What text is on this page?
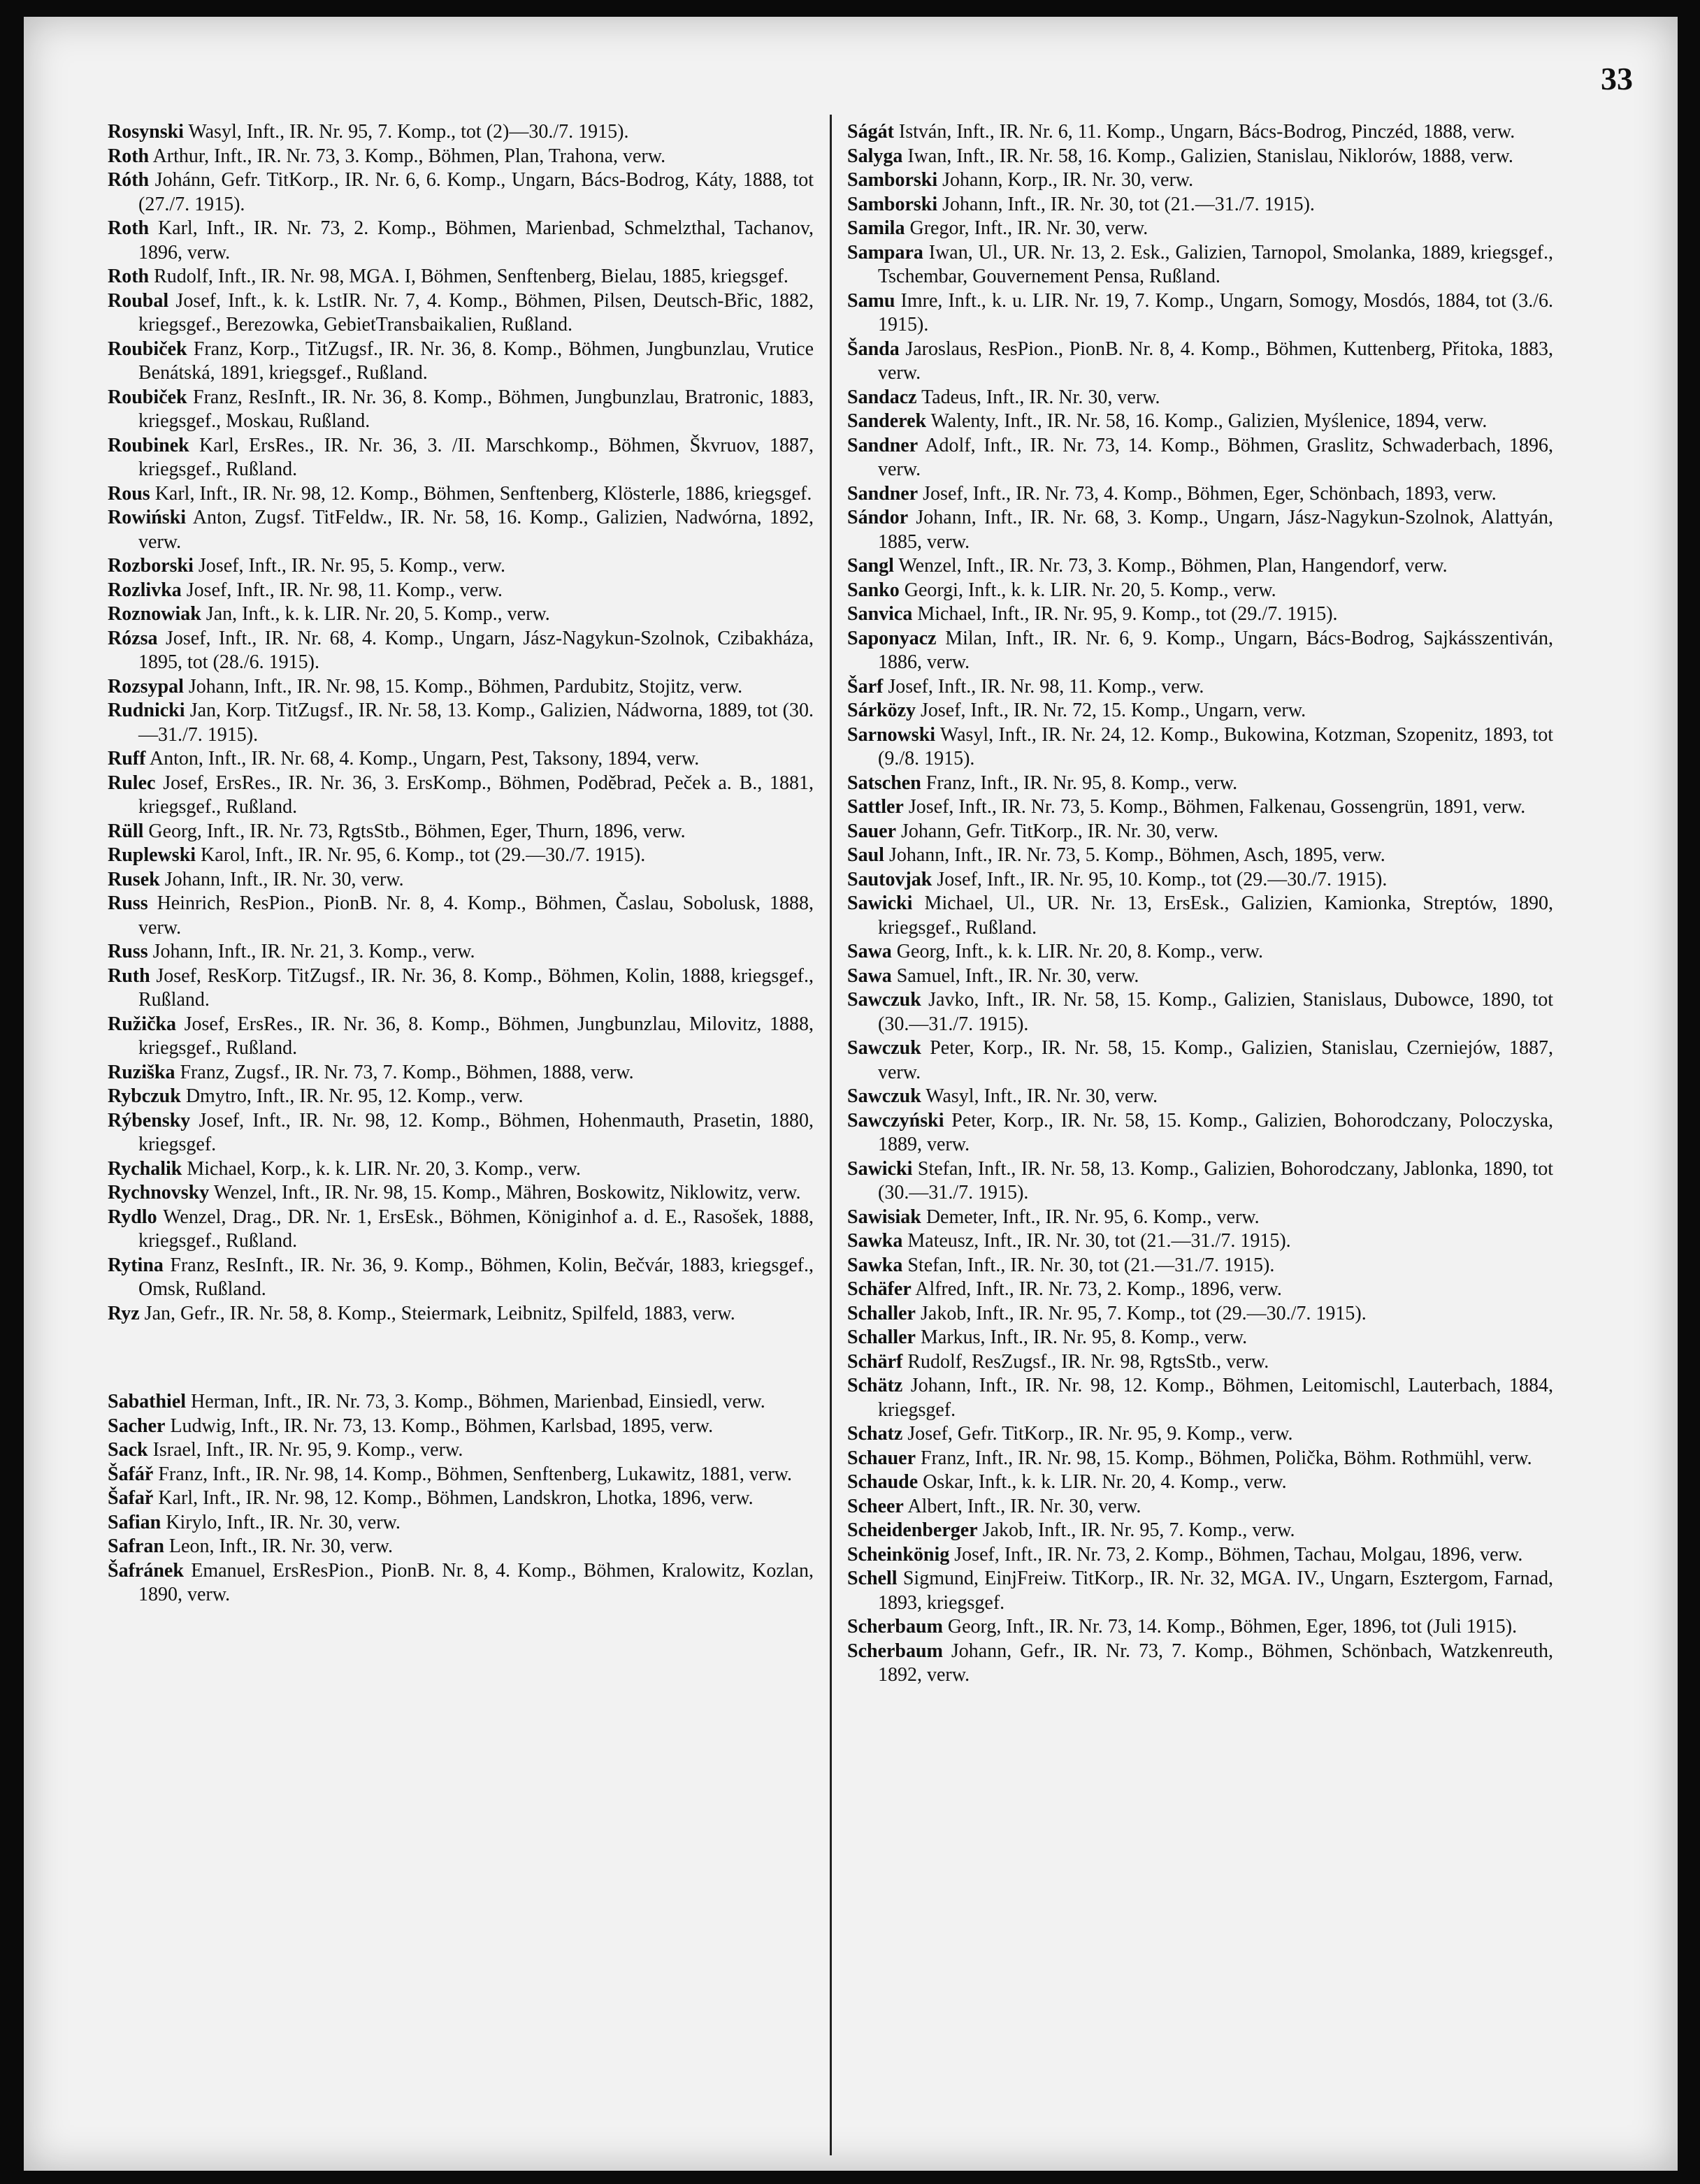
33

Rosynski Wasyl, Inft., IR. Nr. 95, 7. Komp., tot (2)—30./7. 1915).

Roth Arthur, Inft., IR. Nr. 73, 3. Komp., Böhmen, Plan, Trahona, verw.

Róth Johánn, Gefr. TitKorp., IR. Nr. 6, 6. Komp., Ungarn, Bács-Bodrog, Káty, 1888, tot (27./7. 1915).

Roth Karl, Inft., IR. Nr. 73, 2. Komp., Böhmen, Marienbad, Schmelzthal, Tachanov, 1896, verw.

Roth Rudolf, Inft., IR. Nr. 98, MGA. I, Böhmen, Senftenberg, Bielau, 1885, kriegsgef.

Roubal Josef, Inft., k. k. LstIR. Nr. 7, 4. Komp., Böhmen, Pilsen, Deutsch-Břic, 1882, kriegsgef., Berezowka, GebietTransbaikalien, Rußland.

Roubiček Franz, Korp., TitZugsf., IR. Nr. 36, 8. Komp., Böhmen, Jungbunzlau, Vrutice Benátská, 1891, kriegsgef., Rußland.

Roubiček Franz, ResInft., IR. Nr. 36, 8. Komp., Böhmen, Jungbunzlau, Bratronic, 1883, kriegsgef., Moskau, Rußland.

Roubinek Karl, ErsRes., IR. Nr. 36, 3. /II. Marschkomp., Böhmen, Škvruov, 1887, kriegsgef., Rußland.

Rous Karl, Inft., IR. Nr. 98, 12. Komp., Böhmen, Senftenberg, Klösterle, 1886, kriegsgef.

Rowiński Anton, Zugsf. TitFeldw., IR. Nr. 58, 16. Komp., Galizien, Nadwórna, 1892, verw.

Rozborski Josef, Inft., IR. Nr. 95, 5. Komp., verw.

Rozlivka Josef, Inft., IR. Nr. 98, 11. Komp., verw.

Roznowiak Jan, Inft., k. k. LIR. Nr. 20, 5. Komp., verw.

Rózsa Josef, Inft., IR. Nr. 68, 4. Komp., Ungarn, Jász-Nagykun-Szolnok, Czibakháza, 1895, tot (28./6. 1915).

Rozsypal Johann, Inft., IR. Nr. 98, 15. Komp., Böhmen, Pardubitz, Stojitz, verw.

Rudnicki Jan, Korp. TitZugsf., IR. Nr. 58, 13. Komp., Galizien, Nádworna, 1889, tot (30.—31./7. 1915).

Ruff Anton, Inft., IR. Nr. 68, 4. Komp., Ungarn, Pest, Taksony, 1894, verw.

Rulec Josef, ErsRes., IR. Nr. 36, 3. ErsKomp., Böhmen, Poděbrad, Peček a. B., 1881, kriegsgef., Rußland.

Rüll Georg, Inft., IR. Nr. 73, RgtsStb., Böhmen, Eger, Thurn, 1896, verw.

Ruplewski Karol, Inft., IR. Nr. 95, 6. Komp., tot (29.—30./7. 1915).

Rusek Johann, Inft., IR. Nr. 30, verw.

Russ Heinrich, ResPion., PionB. Nr. 8, 4. Komp., Böhmen, Časlau, Sobolusk, 1888, verw.

Russ Johann, Inft., IR. Nr. 21, 3. Komp., verw.

Ruth Josef, ResKorp. TitZugsf., IR. Nr. 36, 8. Komp., Böhmen, Kolin, 1888, kriegsgef., Rußland.

Ružička Josef, ErsRes., IR. Nr. 36, 8. Komp., Böhmen, Jungbunzlau, Milovitz, 1888, kriegsgef., Rußland.

Ruziška Franz, Zugsf., IR. Nr. 73, 7. Komp., Böhmen, 1888, verw.

Rybczuk Dmytro, Inft., IR. Nr. 95, 12. Komp., verw.

Rýbensky Josef, Inft., IR. Nr. 98, 12. Komp., Böhmen, Hohenmauth, Prasetin, 1880, kriegsgef.

Rychalik Michael, Korp., k. k. LIR. Nr. 20, 3. Komp., verw.

Rychnovsky Wenzel, Inft., IR. Nr. 98, 15. Komp., Mähren, Boskowitz, Niklowitz, verw.

Rydlo Wenzel, Drag., DR. Nr. 1, ErsEsk., Böhmen, Königinhof a. d. E., Rasošek, 1888, kriegsgef., Rußland.

Rytina Franz, ResInft., IR. Nr. 36, 9. Komp., Böhmen, Kolin, Bečvár, 1883, kriegsgef., Omsk, Rußland.

Ryz Jan, Gefr., IR. Nr. 58, 8. Komp., Steiermark, Leibnitz, Spilfeld, 1883, verw.

Sabathiel Herman, Inft., IR. Nr. 73, 3. Komp., Böhmen, Marienbad, Einsiedl, verw.

Sacher Ludwig, Inft., IR. Nr. 73, 13. Komp., Böhmen, Karlsbad, 1895, verw.

Sack Israel, Inft., IR. Nr. 95, 9. Komp., verw.

Šafář Franz, Inft., IR. Nr. 98, 14. Komp., Böhmen, Senftenberg, Lukawitz, 1881, verw.

Šafař Karl, Inft., IR. Nr. 98, 12. Komp., Böhmen, Landskron, Lhotka, 1896, verw.

Safian Kirylo, Inft., IR. Nr. 30, verw.

Safran Leon, Inft., IR. Nr. 30, verw.

Šafránek Emanuel, ErsResPion., PionB. Nr. 8, 4. Komp., Böhmen, Kralowitz, Kozlan, 1890, verw.

Ságát István, Inft., IR. Nr. 6, 11. Komp., Ungarn, Bács-Bodrog, Pinczéd, 1888, verw.

Salyga Iwan, Inft., IR. Nr. 58, 16. Komp., Galizien, Stanislau, Niklorów, 1888, verw.

Samborski Johann, Korp., IR. Nr. 30, verw.

Samborski Johann, Inft., IR. Nr. 30, tot (21.—31./7. 1915).

Samila Gregor, Inft., IR. Nr. 30, verw.

Sampara Iwan, Ul., UR. Nr. 13, 2. Esk., Galizien, Tarnopol, Smolanka, 1889, kriegsgef., Tschembar, Gouvernement Pensa, Rußland.

Samu Imre, Inft., k. u. LIR. Nr. 19, 7. Komp., Ungarn, Somogy, Mosdós, 1884, tot (3./6. 1915).

Šanda Jaroslaus, ResPion., PionB. Nr. 8, 4. Komp., Böhmen, Kuttenberg, Přitoka, 1883, verw.

Sandacz Tadeus, Inft., IR. Nr. 30, verw.

Sanderek Walenty, Inft., IR. Nr. 58, 16. Komp., Galizien, Myślenice, 1894, verw.

Sandner Adolf, Inft., IR. Nr. 73, 14. Komp., Böhmen, Graslitz, Schwaderbach, 1896, verw.

Sandner Josef, Inft., IR. Nr. 73, 4. Komp., Böhmen, Eger, Schönbach, 1893, verw.

Sándor Johann, Inft., IR. Nr. 68, 3. Komp., Ungarn, Jász-Nagykun-Szolnok, Alattyán, 1885, verw.

Sangl Wenzel, Inft., IR. Nr. 73, 3. Komp., Böhmen, Plan, Hangendorf, verw.

Sanko Georgi, Inft., k. k. LIR. Nr. 20, 5. Komp., verw.

Sanvica Michael, Inft., IR. Nr. 95, 9. Komp., tot (29./7. 1915).

Saponyacz Milan, Inft., IR. Nr. 6, 9. Komp., Ungarn, Bács-Bodrog, Sajkásszentiván, 1886, verw.

Šarf Josef, Inft., IR. Nr. 98, 11. Komp., verw.

Sárközy Josef, Inft., IR. Nr. 72, 15. Komp., Ungarn, verw.

Sarnowski Wasyl, Inft., IR. Nr. 24, 12. Komp., Bukowina, Kotzman, Szopenitz, 1893, tot (9./8. 1915).

Satschen Franz, Inft., IR. Nr. 95, 8. Komp., verw.

Sattler Josef, Inft., IR. Nr. 73, 5. Komp., Böhmen, Falkenau, Gossengrün, 1891, verw.

Sauer Johann, Gefr. TitKorp., IR. Nr. 30, verw.

Saul Johann, Inft., IR. Nr. 73, 5. Komp., Böhmen, Asch, 1895, verw.

Sautovjak Josef, Inft., IR. Nr. 95, 10. Komp., tot (29.—30./7. 1915).

Sawicki Michael, Ul., UR. Nr. 13, ErsEsk., Galizien, Kamionka, Streptów, 1890, kriegsgef., Rußland.

Sawa Georg, Inft., k. k. LIR. Nr. 20, 8. Komp., verw.

Sawa Samuel, Inft., IR. Nr. 30, verw.

Sawczuk Javko, Inft., IR. Nr. 58, 15. Komp., Galizien, Stanislaus, Dubowce, 1890, tot (30.—31./7. 1915).

Sawczuk Peter, Korp., IR. Nr. 58, 15. Komp., Galizien, Stanislau, Czerniejów, 1887, verw.

Sawczuk Wasyl, Inft., IR. Nr. 30, verw.

Sawczyński Peter, Korp., IR. Nr. 58, 15. Komp., Galizien, Bohorodczany, Poloczyska, 1889, verw.

Sawicki Stefan, Inft., IR. Nr. 58, 13. Komp., Galizien, Bohorodczany, Jablonka, 1890, tot (30.—31./7. 1915).

Sawisiak Demeter, Inft., IR. Nr. 95, 6. Komp., verw.

Sawka Mateusz, Inft., IR. Nr. 30, tot (21.—31./7. 1915).

Sawka Stefan, Inft., IR. Nr. 30, tot (21.—31./7. 1915).

Schäfer Alfred, Inft., IR. Nr. 73, 2. Komp., 1896, verw.

Schaller Jakob, Inft., IR. Nr. 95, 7. Komp., tot (29.—30./7. 1915).

Schaller Markus, Inft., IR. Nr. 95, 8. Komp., verw.

Schärf Rudolf, ResZugsf., IR. Nr. 98, RgtsStb., verw.

Schätz Johann, Inft., IR. Nr. 98, 12. Komp., Böhmen, Leitomischl, Lauterbach, 1884, kriegsgef.

Schatz Josef, Gefr. TitKorp., IR. Nr. 95, 9. Komp., verw.

Schauer Franz, Inft., IR. Nr. 98, 15. Komp., Böhmen, Polička, Böhm. Rothmühl, verw.

Schaude Oskar, Inft., k. k. LIR. Nr. 20, 4. Komp., verw.

Scheer Albert, Inft., IR. Nr. 30, verw.

Scheidenberger Jakob, Inft., IR. Nr. 95, 7. Komp., verw.

Scheinkönig Josef, Inft., IR. Nr. 73, 2. Komp., Böhmen, Tachau, Molgau, 1896, verw.

Schell Sigmund, EinjFreiw. TitKorp., IR. Nr. 32, MGA. IV., Ungarn, Esztergom, Farnad, 1893, kriegsgef.

Scherbaum Georg, Inft., IR. Nr. 73, 14. Komp., Böhmen, Eger, 1896, tot (Juli 1915).

Scherbaum Johann, Gefr., IR. Nr. 73, 7. Komp., Böhmen, Schönbach, Watzkenreuth, 1892, verw.
